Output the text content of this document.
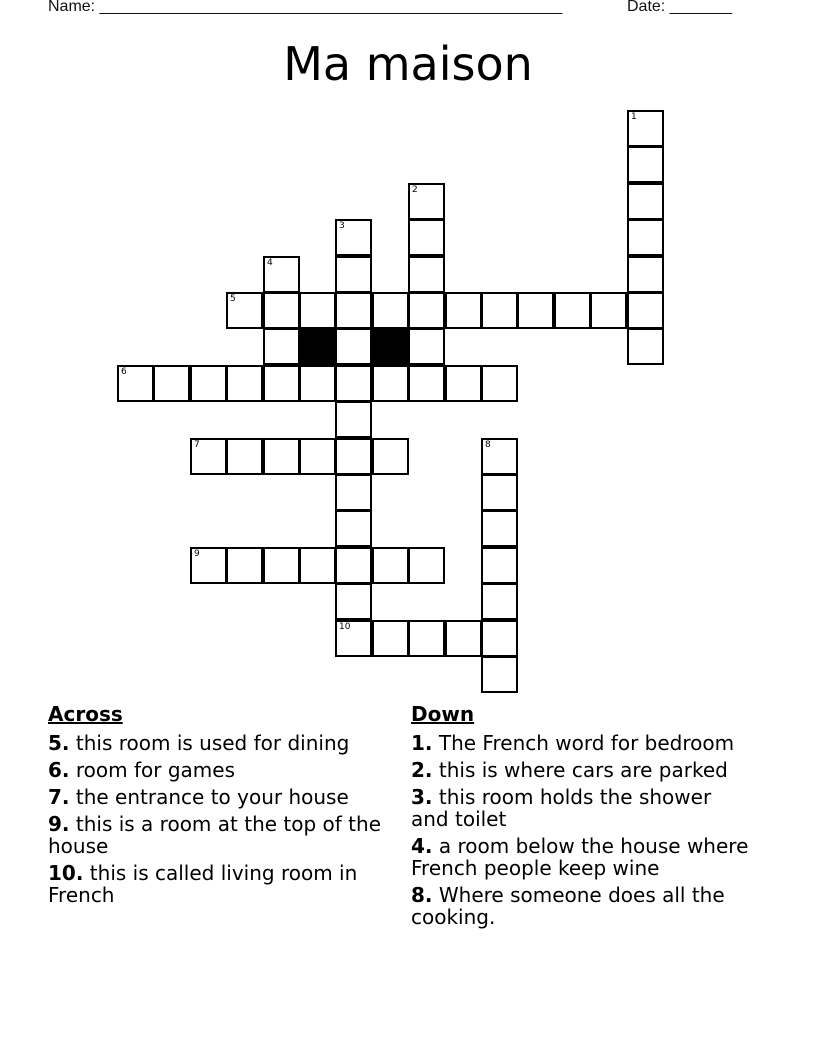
Name: ____________________________________________________	Date: _______
Ma maison
5
6
7
9
10
1
2
3
4
8
Across
5. this room is used for dining
6. room for games
7. the entrance to your house
9. this is a room at the top of the house
10. this is called living room in French
Down
1. The French word for bedroom
2. this is where cars are parked
3. this room holds the shower and toilet
4. a room below the house where French people keep wine
8. Where someone does all the cooking.
